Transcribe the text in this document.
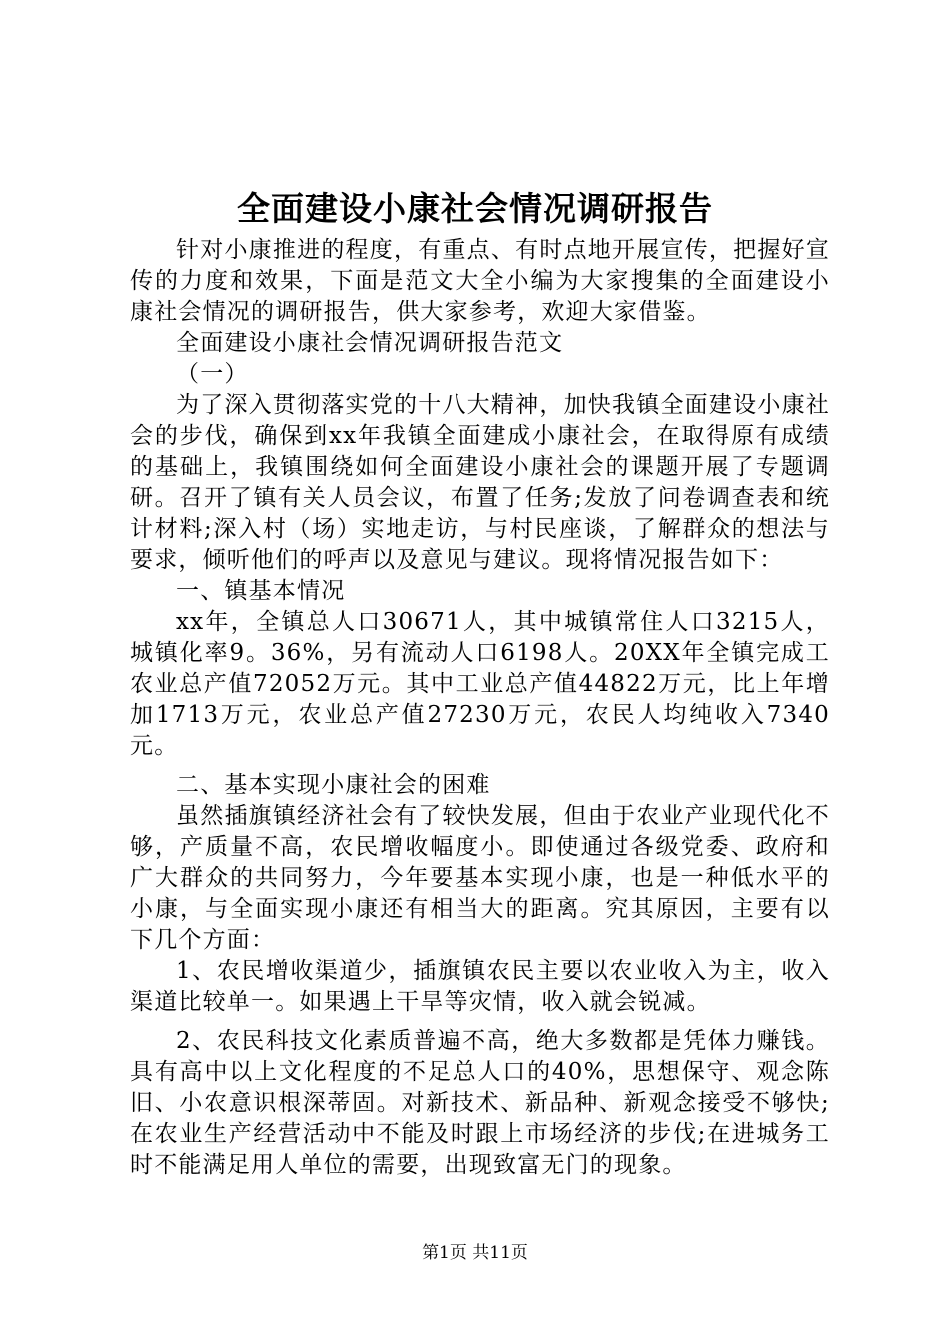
全面建设小康社会情况调研报告

针对小康推进的程度，有重点、有时点地开展宣传，把握好宣传的力度和效果，下面是范文大全小编为大家搜集的全面建设小康社会情况的调研报告，供大家参考，欢迎大家借鉴。

全面建设小康社会情况调研报告范文

（一）

为了深入贯彻落实党的十八大精神，加快我镇全面建设小康社会的步伐，确保到xx年我镇全面建成小康社会，在取得原有成绩的基础上，我镇围绕如何全面建设小康社会的课题开展了专题调研。召开了镇有关人员会议，布置了任务;发放了问卷调查表和统计材料;深入村（场）实地走访，与村民座谈，了解群众的想法与要求，倾听他们的呼声以及意见与建议。现将情况报告如下：

一、镇基本情况

xx年，全镇总人口30671人，其中城镇常住人口3215人，城镇化率9。36%，另有流动人口6198人。20XX年全镇完成工农业总产值72052万元。其中工业总产值44822万元，比上年增加1713万元，农业总产值27230万元，农民人均纯收入7340元。

二、基本实现小康社会的困难

虽然插旗镇经济社会有了较快发展，但由于农业产业现代化不够，产质量不高，农民增收幅度小。即使通过各级党委、政府和广大群众的共同努力，今年要基本实现小康，也是一种低水平的小康，与全面实现小康还有相当大的距离。究其原因，主要有以下几个方面：

1、农民增收渠道少，插旗镇农民主要以农业收入为主，收入渠道比较单一。如果遇上干旱等灾情，收入就会锐减。

2、农民科技文化素质普遍不高，绝大多数都是凭体力赚钱。具有高中以上文化程度的不足总人口的40%，思想保守、观念陈旧、小农意识根深蒂固。对新技术、新品种、新观念接受不够快;在农业生产经营活动中不能及时跟上市场经济的步伐;在进城务工时不能满足用人单位的需要，出现致富无门的现象。

第1页 共11页
